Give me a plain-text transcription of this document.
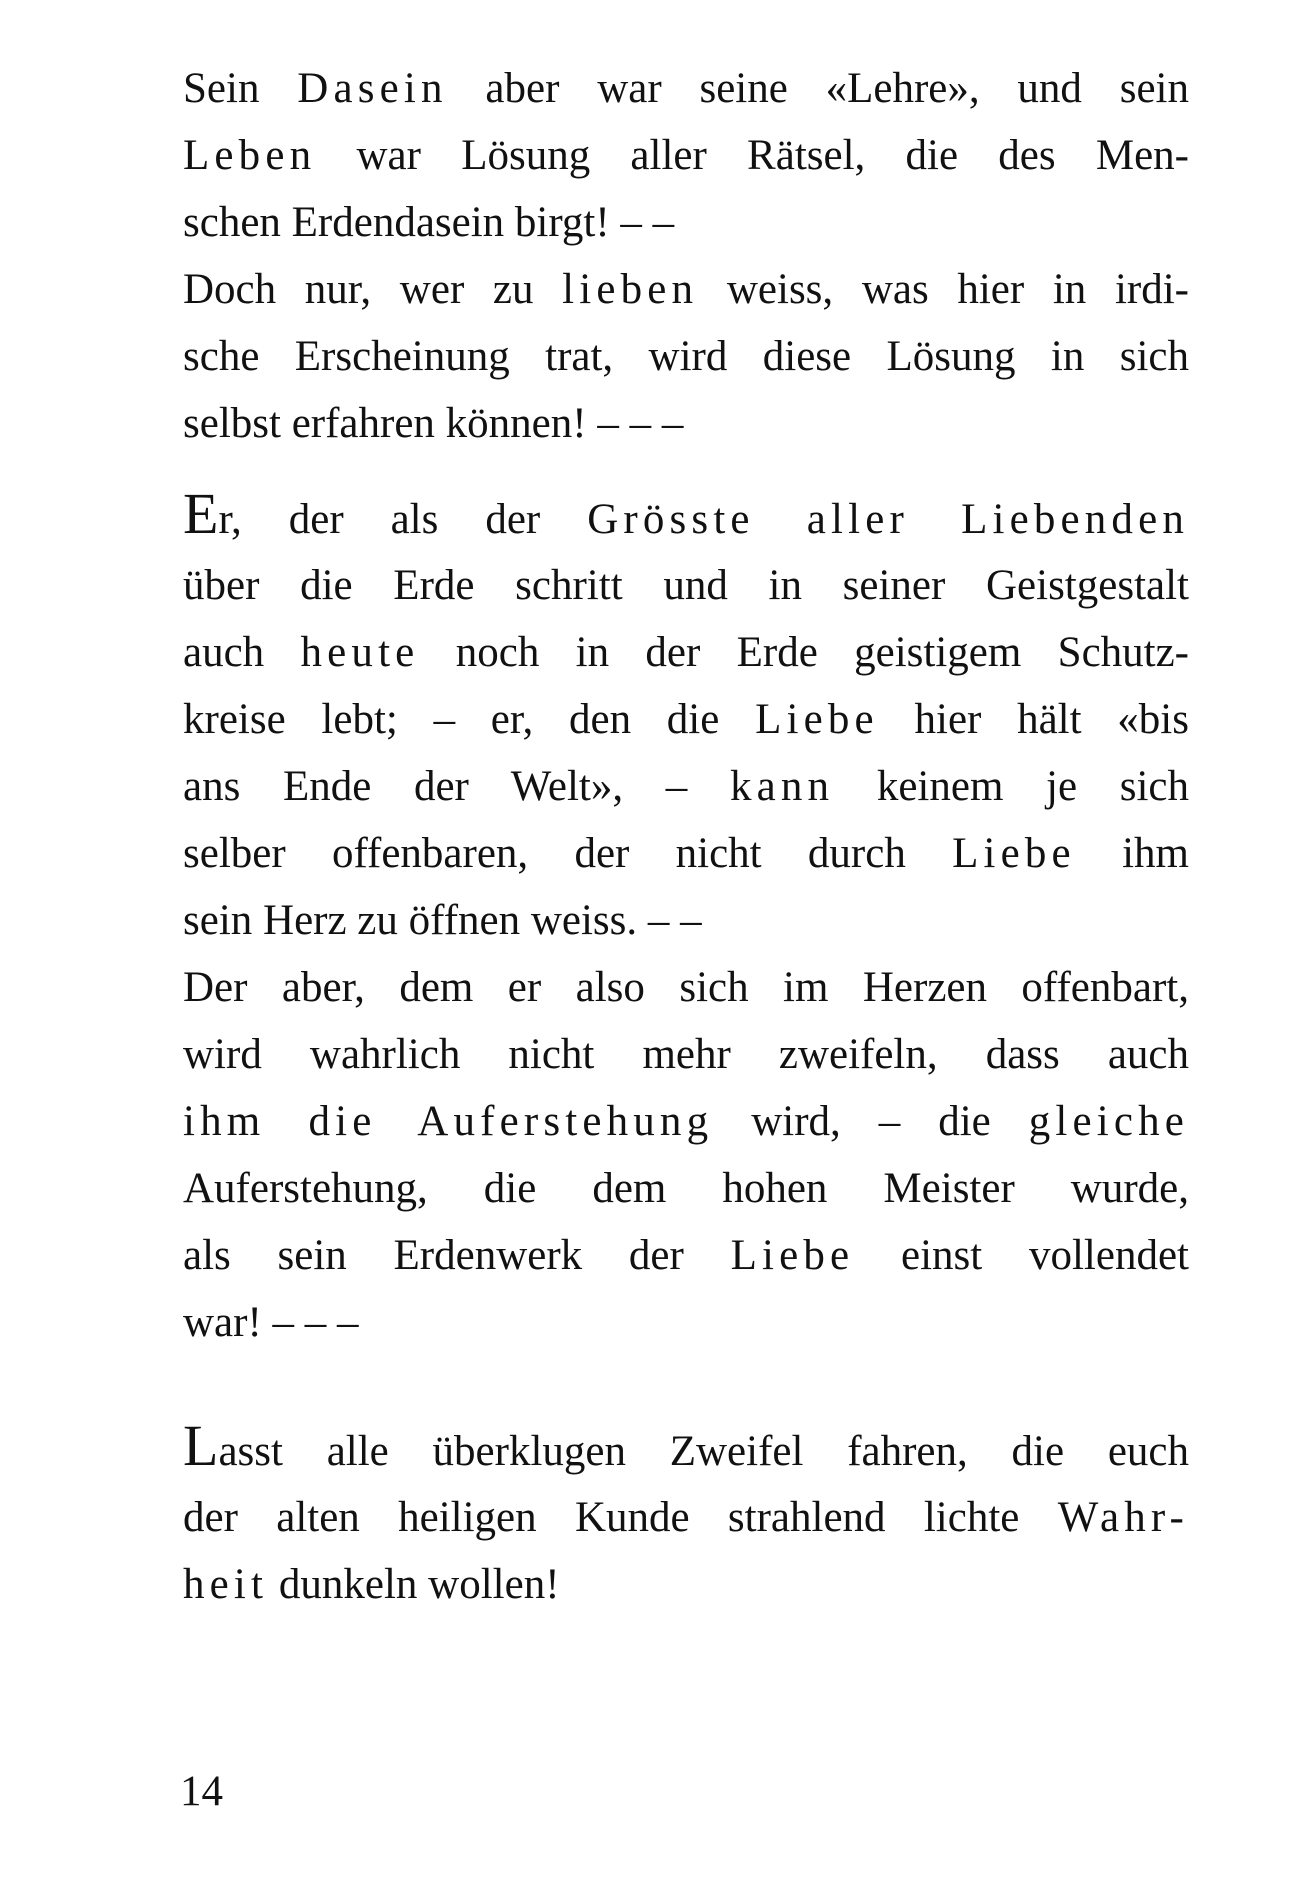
Sein Dasein aber war seine «Lehre», und sein
Leben war Lösung aller Rätsel, die des Men-
schen Erdendasein birgt! – –
Doch nur, wer zu lieben weiss, was hier in irdi-
sche Erscheinung trat, wird diese Lösung in sich
selbst erfahren können! – – –
Er, der als der Grösste aller Liebenden
über die Erde schritt und in seiner Geistgestalt
auch heute noch in der Erde geistigem Schutz-
kreise lebt; – er, den die Liebe hier hält «bis
ans Ende der Welt», – kann keinem je sich
selber offenbaren, der nicht durch Liebe ihm
sein Herz zu öffnen weiss. – –
Der aber, dem er also sich im Herzen offenbart,
wird wahrlich nicht mehr zweifeln, dass auch
ihm die Auferstehung wird, – die gleiche
Auferstehung, die dem hohen Meister wurde,
als sein Erdenwerk der Liebe einst vollendet
war! – – –
Lasst alle überklugen Zweifel fahren, die euch
der alten heiligen Kunde strahlend lichte Wahr-
heit dunkeln wollen!
14
